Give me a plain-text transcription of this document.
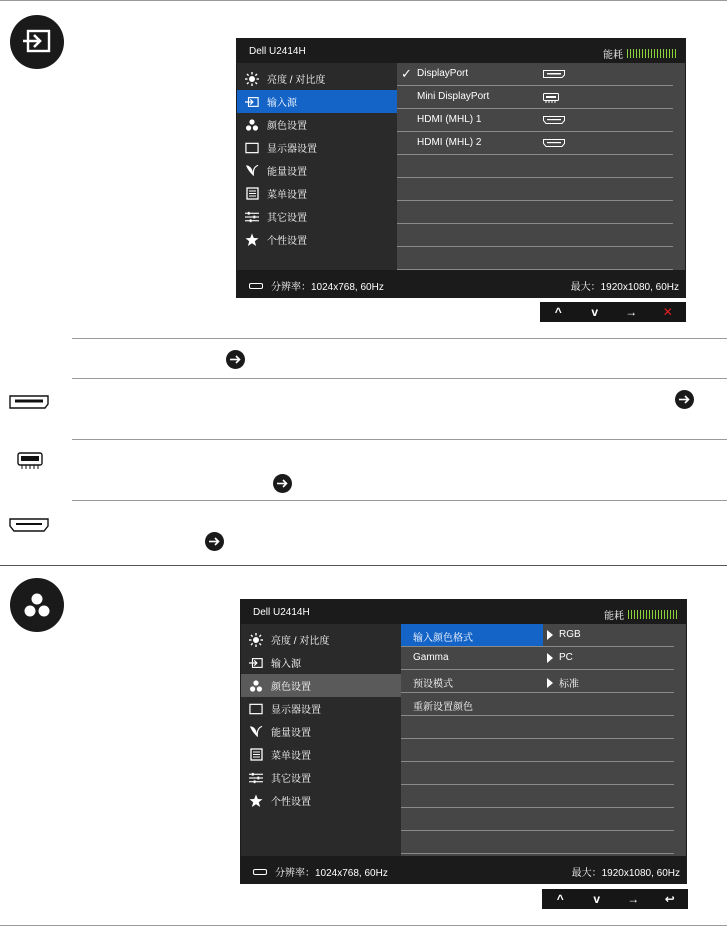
Dell U2414H	能耗
亮度 / 对比度
输入源
颜色设置
显示器设置
能量设置
菜单设置
其它设置
个性设置
✓ DisplayPort
Mini DisplayPort
HDMI (MHL) 1
HDMI (MHL) 2
分辨率：1024x768, 60Hz	最大：1920x1080, 60Hz
^	v	→	✕
Dell U2414H	能耗
亮度 / 对比度
输入源
颜色设置
显示器设置
能量设置
菜单设置
其它设置
个性设置
输入颜色格式	RGB
Gamma	PC
预设模式	标准
重新设置颜色
分辨率：1024x768, 60Hz	最大：1920x1080, 60Hz
^	v	→	↩
